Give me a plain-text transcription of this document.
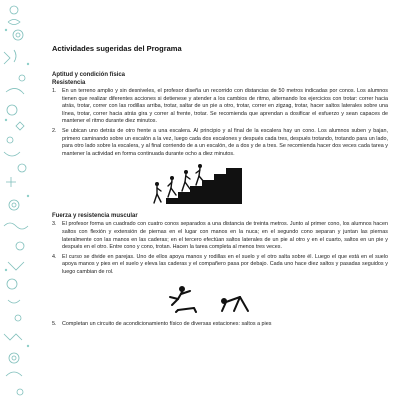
Actividades sugeridas del Programa
Aptitud y condición física
Resistencia
1. En un terreno amplio y sin desniveles, el profesor diseña un recorrido con distancias de 50 metros indicadas por conos. Los alumnos tienen que realizar diferentes acciones si detienese y atender a los cambios de ritmo, alternando los ejercicios con trotar: correr hacia atrás, trotar, correr con las rodillas arriba, trotar, saltar de un pie a otro, trotar, correr en zigzag, trotar, hacer saltos laterales sobre una línea, trotar, correr hacia atrás gira y correr al frente, trotar. Se recomienda que aprendan a dosificar el esfuerzo y sean capaces de mantener el ritmo durante diez minutos.
2. Se ubican uno detrás de otro frente a una escalera. Al principio y al final de la escalera hay un cono. Los alumnos suben y bajan, primero caminando sobre un escalón a la vez, luego cada dos escalones y después cada tres, después trotando, trotando para un lado, para otro lado sobre la escalera, y al final corriendo de a un escalón, de a dos y de a tres. Se recomienda hacer dos veces cada tarea y mantener la actividad en forma continuada durante ocho a diez minutos.
Fuerza y resistencia muscular
3. El profesor forma un cuadrado con cuatro conos separados a una distancia de treinta metros. Junto al primer cono, los alumnos hacen saltos con flexión y extensión de piernas en el lugar con manos en la nuca; en el segundo cono separan y juntan las piernas lateralmente con las manos en las caderas; en el tercero efectúan saltos laterales de un pie al otro y en el cuarto, saltos en un pie y después en el otro. Entre cono y cono, trotan. Hacen la tarea completa al menos tres veces.
4. El curso se divide en parejas. Uno de ellos apoya manos y rodillas en el suelo y el otro salta sobre él. Luego el que está en el suelo apoya manos y pies en el suelo y eleva las caderas y el compañero pasa por debajo. Cada uno hace diez saltos y pasadas seguidos y luego cambian de rol.
5. Completan un circuito de acondicionamiento físico de diversas estaciones: saltos a pies
